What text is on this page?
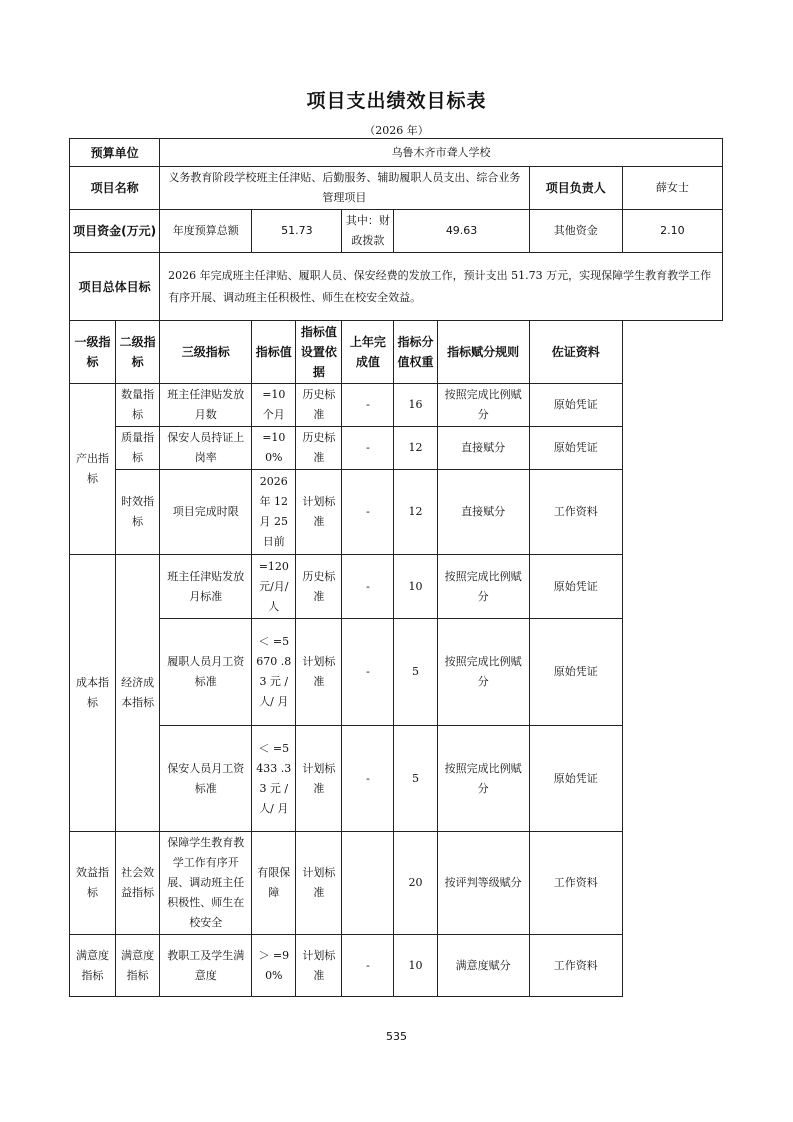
项目支出绩效目标表
（2026 年）
预算单位		乌鲁木齐市聋人学校							
项目名称		义务教育阶段学校班主任津贴、后勤服务、辅助履职人员支出、综合业务管理项目						项目负责人	薛女士
项目资金(万元)		年度预算总额	51.73		其中：财政拨款	49.63		其他资金	2.10
项目总体目标		2026 年完成班主任津贴、履职人员、保安经费的发放工作，预计支出 51.73 万元，实现保障学生教育教学工作有序开展、调动班主任积极性、师生在校安全效益。							
一级指标	二级指标	三级指标	指标值	指标值设置依据	上年完成值	指标分值权重	指标赋分规则	佐证资料	
产出指标	数量指标	班主任津贴发放月数	=10 个月	历史标准	-	16	按照完成比例赋分	原始凭证	
	质量指标	保安人员持证上岗率	=100%	历史标准	-	12	直接赋分	原始凭证	
	时效指标	项目完成时限	2026 年 12 月 25 日前	计划标准	-	12	直接赋分	工作资料	
成本指标	经济成本指标	班主任津贴发放月标准	=120 元/月/人	历史标准	-	10	按照完成比例赋分	原始凭证	
		履职人员月工资标准	＜ =5670 .83 元 /人/ 月	计划标准	-	5	按照完成比例赋分	原始凭证	
		保安人员月工资标准	＜ =5433 .33 元 /人/ 月	计划标准	-	5	按照完成比例赋分	原始凭证	
效益指标	社会效益指标	保障学生教育教学工作有序开展、调动班主任积极性、师生在校安全	有限保障	计划标准		20	按评判等级赋分	工作资料	
满意度指标	满意度指标	教职工及学生满意度	＞ =90%	计划标准	-	10	满意度赋分	工作资料	
535
